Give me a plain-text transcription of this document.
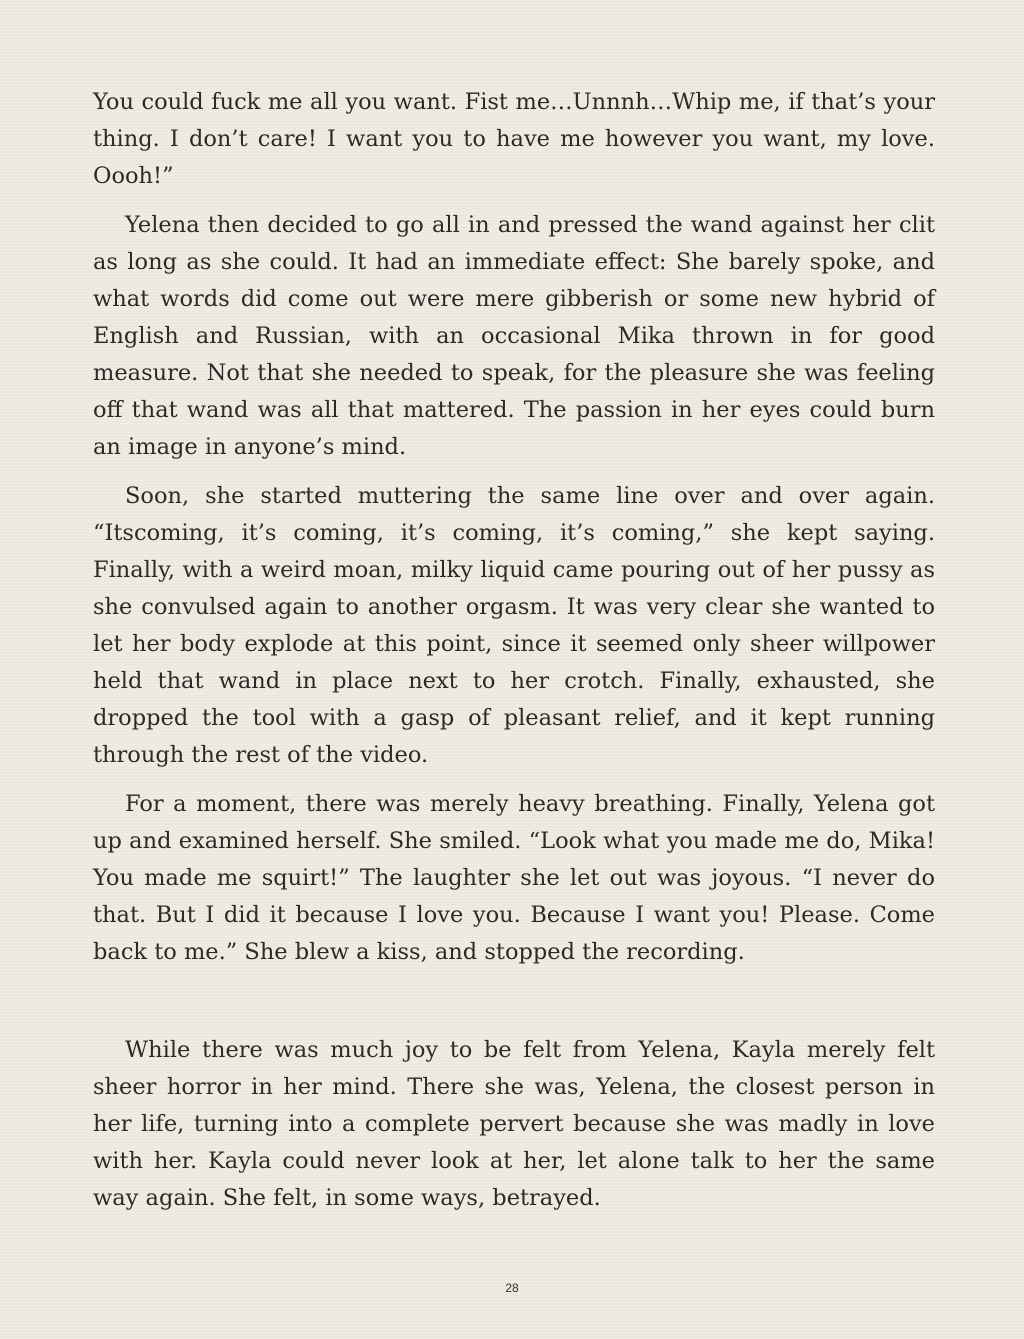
You could fuck me all you want. Fist me…Unnnh…Whip me, if that’s your thing. I don’t care! I want you to have me however you want, my love. Oooh!”

Yelena then decided to go all in and pressed the wand against her clit as long as she could. It had an immediate effect: She barely spoke, and what words did come out were mere gibberish or some new hybrid of English and Russian, with an occasional Mika thrown in for good measure. Not that she needed to speak, for the pleasure she was feeling off that wand was all that mattered. The passion in her eyes could burn an image in anyone’s mind.

Soon, she started muttering the same line over and over again. “Itscoming, it’s coming, it’s coming, it’s coming,” she kept saying. Finally, with a weird moan, milky liquid came pouring out of her pussy as she convulsed again to another orgasm. It was very clear she wanted to let her body explode at this point, since it seemed only sheer willpower held that wand in place next to her crotch. Finally, exhausted, she dropped the tool with a gasp of pleasant relief, and it kept running through the rest of the video.

For a moment, there was merely heavy breathing. Finally, Yelena got up and examined herself. She smiled. “Look what you made me do, Mika! You made me squirt!” The laughter she let out was joyous. “I never do that. But I did it because I love you. Because I want you! Please. Come back to me.” She blew a kiss, and stopped the recording.

While there was much joy to be felt from Yelena, Kayla merely felt sheer horror in her mind. There she was, Yelena, the closest person in her life, turning into a complete pervert because she was madly in love with her. Kayla could never look at her, let alone talk to her the same way again. She felt, in some ways, betrayed.

28
